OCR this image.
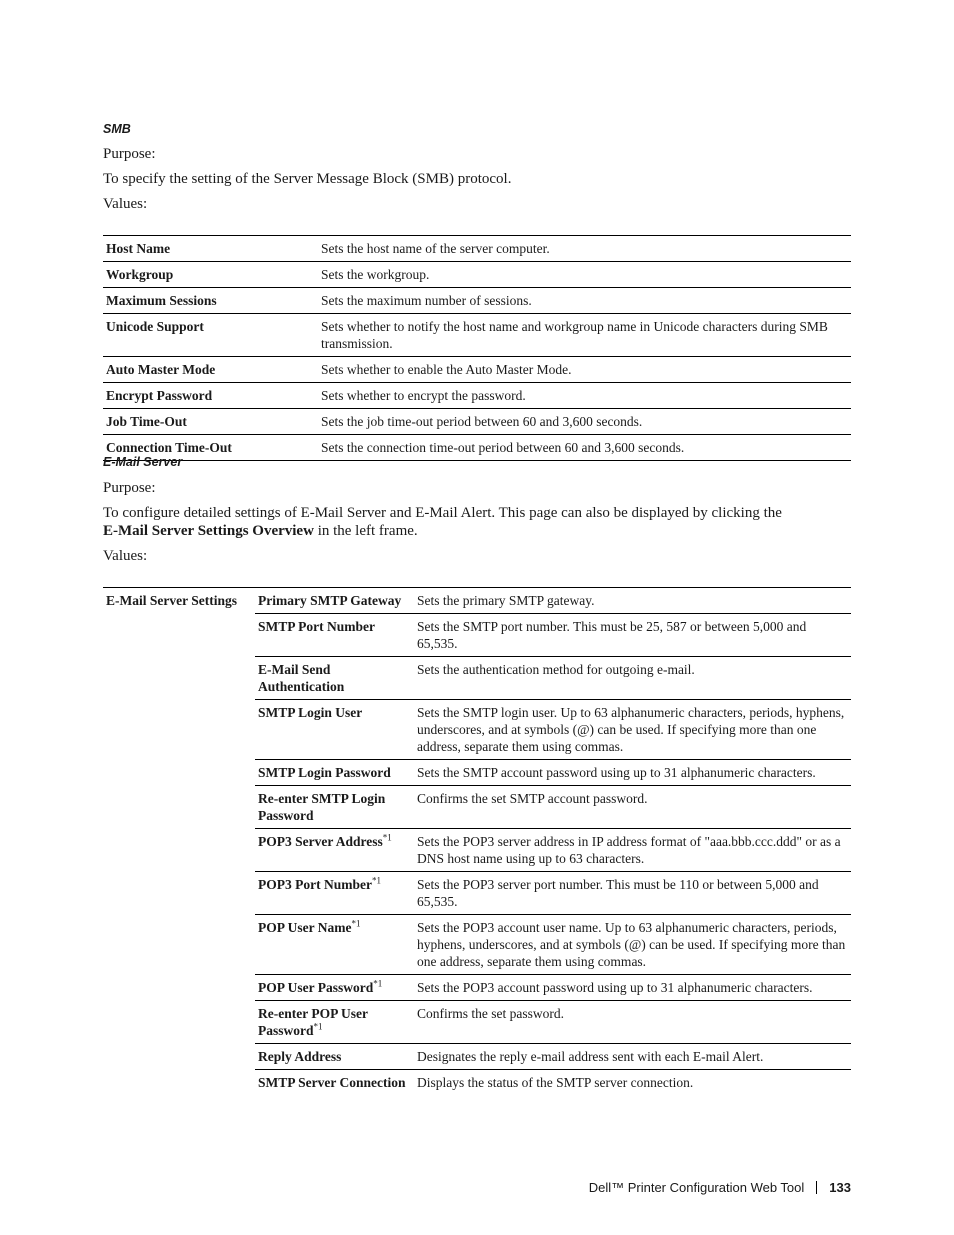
SMB
Purpose:
To specify the setting of the Server Message Block (SMB) protocol.
Values:
Host Name	Sets the host name of the server computer.
Workgroup	Sets the workgroup.
Maximum Sessions	Sets the maximum number of sessions.
Unicode Support	Sets whether to notify the host name and workgroup name in Unicode characters during SMB transmission.
Auto Master Mode	Sets whether to enable the Auto Master Mode.
Encrypt Password	Sets whether to encrypt the password.
Job Time-Out	Sets the job time-out period between 60 and 3,600 seconds.
Connection Time-Out	Sets the connection time-out period between 60 and 3,600 seconds.
E-Mail Server
Purpose:
To configure detailed settings of E-Mail Server and E-Mail Alert. This page can also be displayed by clicking the
E-Mail Server Settings Overview in the left frame.
Values:
E-Mail Server Settings	Primary SMTP Gateway	Sets the primary SMTP gateway.
	SMTP Port Number	Sets the SMTP port number. This must be 25, 587 or between 5,000 and 65,535.
	E-Mail Send Authentication	Sets the authentication method for outgoing e-mail.
	SMTP Login User	Sets the SMTP login user. Up to 63 alphanumeric characters, periods, hyphens, underscores, and at symbols (@) can be used. If specifying more than one address, separate them using commas.
	SMTP Login Password	Sets the SMTP account password using up to 31 alphanumeric characters.
	Re-enter SMTP Login Password	Confirms the set SMTP account password.
	POP3 Server Address$^{*1}$	Sets the POP3 server address in IP address format of "aaa.bbb.ccc.ddd" or as a DNS host name using up to 63 characters.
	POP3 Port Number$^{*1}$	Sets the POP3 server port number. This must be 110 or between 5,000 and 65,535.
	POP User Name$^{*1}$	Sets the POP3 account user name. Up to 63 alphanumeric characters, periods, hyphens, underscores, and at symbols (@) can be used. If specifying more than one address, separate them using commas.
	POP User Password$^{*1}$	Sets the POP3 account password using up to 31 alphanumeric characters.
	Re-enter POP User Password$^{*1}$	Confirms the set password.
	Reply Address	Designates the reply e-mail address sent with each E-mail Alert.
	SMTP Server Connection	Displays the status of the SMTP server connection.
Dell™ Printer Configuration Web Tool 133
